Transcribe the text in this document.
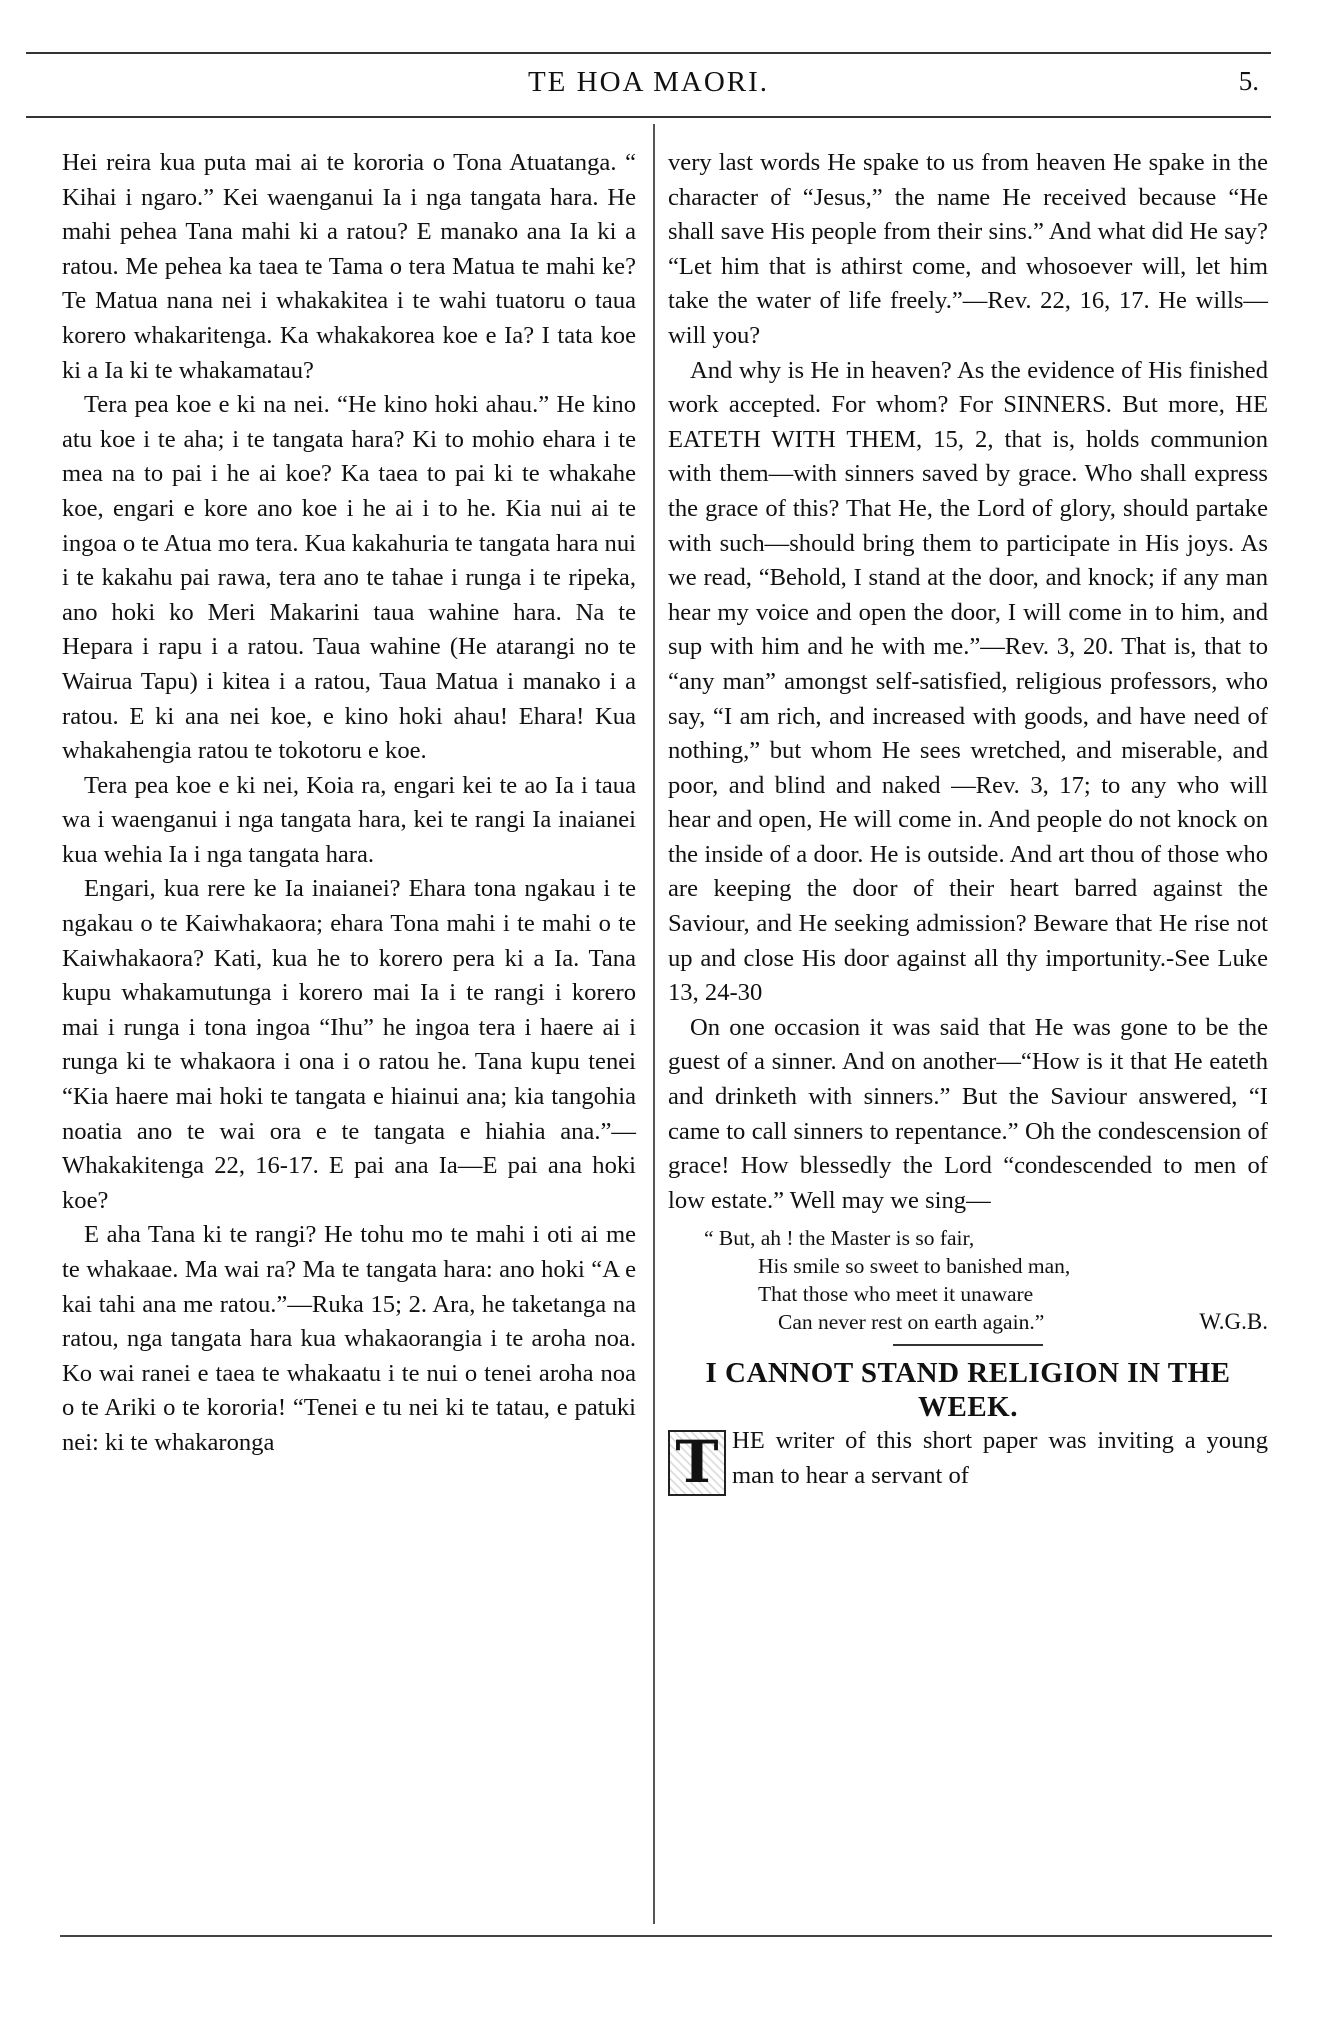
TE HOA MAORI.	5.

Hei reira kua puta mai ai te kororia o Tona Atuatanga. “ Kihai i ngaro.” Kei waenganui Ia i nga tangata hara. He mahi pehea Tana mahi ki a ratou? E manako ana Ia ki a ratou. Me pehea ka taea te Tama o tera Matua te mahi ke? Te Matua nana nei i whakakitea i te wahi tuatoru o taua korero whakaritenga. Ka whakakorea koe e Ia? I tata koe ki a Ia ki te whakamatau?

Tera pea koe e ki na nei. “He kino hoki ahau.” He kino atu koe i te aha; i te tangata hara? Ki to mohio ehara i te mea na to pai i he ai koe? Ka taea to pai ki te whakahe koe, engari e kore ano koe i he ai i to he. Kia nui ai te ingoa o te Atua mo tera. Kua kakahuria te tangata hara nui i te kakahu pai rawa, tera ano te tahae i runga i te ripeka, ano hoki ko Meri Makarini taua wahine hara. Na te Hepara i rapu i a ratou. Taua wahine (He atarangi no te Wairua Tapu) i kitea i a ratou, Taua Matua i manako i a ratou. E ki ana nei koe, e kino hoki ahau! Ehara! Kua whakahengia ratou te tokotoru e koe.

Tera pea koe e ki nei, Koia ra, engari kei te ao Ia i taua wa i waenganui i nga tangata hara, kei te rangi Ia inaianei kua wehia Ia i nga tangata hara.

Engari, kua rere ke Ia inaianei? Ehara tona ngakau i te ngakau o te Kaiwhakaora; ehara Tona mahi i te mahi o te Kaiwhakaora? Kati, kua he to korero pera ki a Ia. Tana kupu whakamutunga i korero mai Ia i te rangi i korero mai i runga i tona ingoa “Ihu” he ingoa tera i haere ai i runga ki te whakaora i ona i o ratou he. Tana kupu tenei “Kia haere mai hoki te tangata e hiainui ana; kia tangohia noatia ano te wai ora e te tangata e hiahia ana.”—Whakakitenga 22, 16-17. E pai ana Ia—E pai ana hoki koe?

E aha Tana ki te rangi? He tohu mo te mahi i oti ai me te whakaae. Ma wai ra? Ma te tangata hara: ano hoki “A e kai tahi ana me ratou.”—Ruka 15; 2. Ara, he taketanga na ratou, nga tangata hara kua whakaorangia i te aroha noa. Ko wai ranei e taea te whakaatu i te nui o tenei aroha noa o te Ariki o te kororia! “Tenei e tu nei ki te tatau, e patuki nei: ki te whakaronga

very last words He spake to us from heaven He spake in the character of “Jesus,” the name He received because “He shall save His people from their sins.” And what did He say? “Let him that is athirst come, and whosoever will, let him take the water of life freely.”—Rev. 22, 16, 17. He wills—will you?

And why is He in heaven? As the evidence of His finished work accepted. For whom? For SINNERS. But more, HE EATETH WITH THEM, 15, 2, that is, holds communion with them—with sinners saved by grace. Who shall express the grace of this? That He, the Lord of glory, should partake with such—should bring them to participate in His joys. As we read, “Behold, I stand at the door, and knock; if any man hear my voice and open the door, I will come in to him, and sup with him and he with me.”—Rev. 3, 20. That is, that to “any man” amongst self-satisfied, religious professors, who say, “I am rich, and increased with goods, and have need of nothing,” but whom He sees wretched, and miserable, and poor, and blind and naked —Rev. 3, 17; to any who will hear and open, He will come in. And people do not knock on the inside of a door. He is outside. And art thou of those who are keeping the door of their heart barred against the Saviour, and He seeking admission? Beware that He rise not up and close His door against all thy importunity.-See Luke 13, 24-30

On one occasion it was said that He was gone to be the guest of a sinner. And on another—“How is it that He eateth and drinketh with sinners.” But the Saviour answered, “I came to call sinners to repentance.” Oh the condescension of grace! How blessedly the Lord “condescended to men of low estate.” Well may we sing—

“ But, ah ! the Master is so fair,
His smile so sweet to banished man,
That those who meet it unaware
Can never rest on earth again.”	W.G.B.
I CANNOT STAND RELIGION IN THE WEEK.

T HE writer of this short paper was inviting a young man to hear a servant of
